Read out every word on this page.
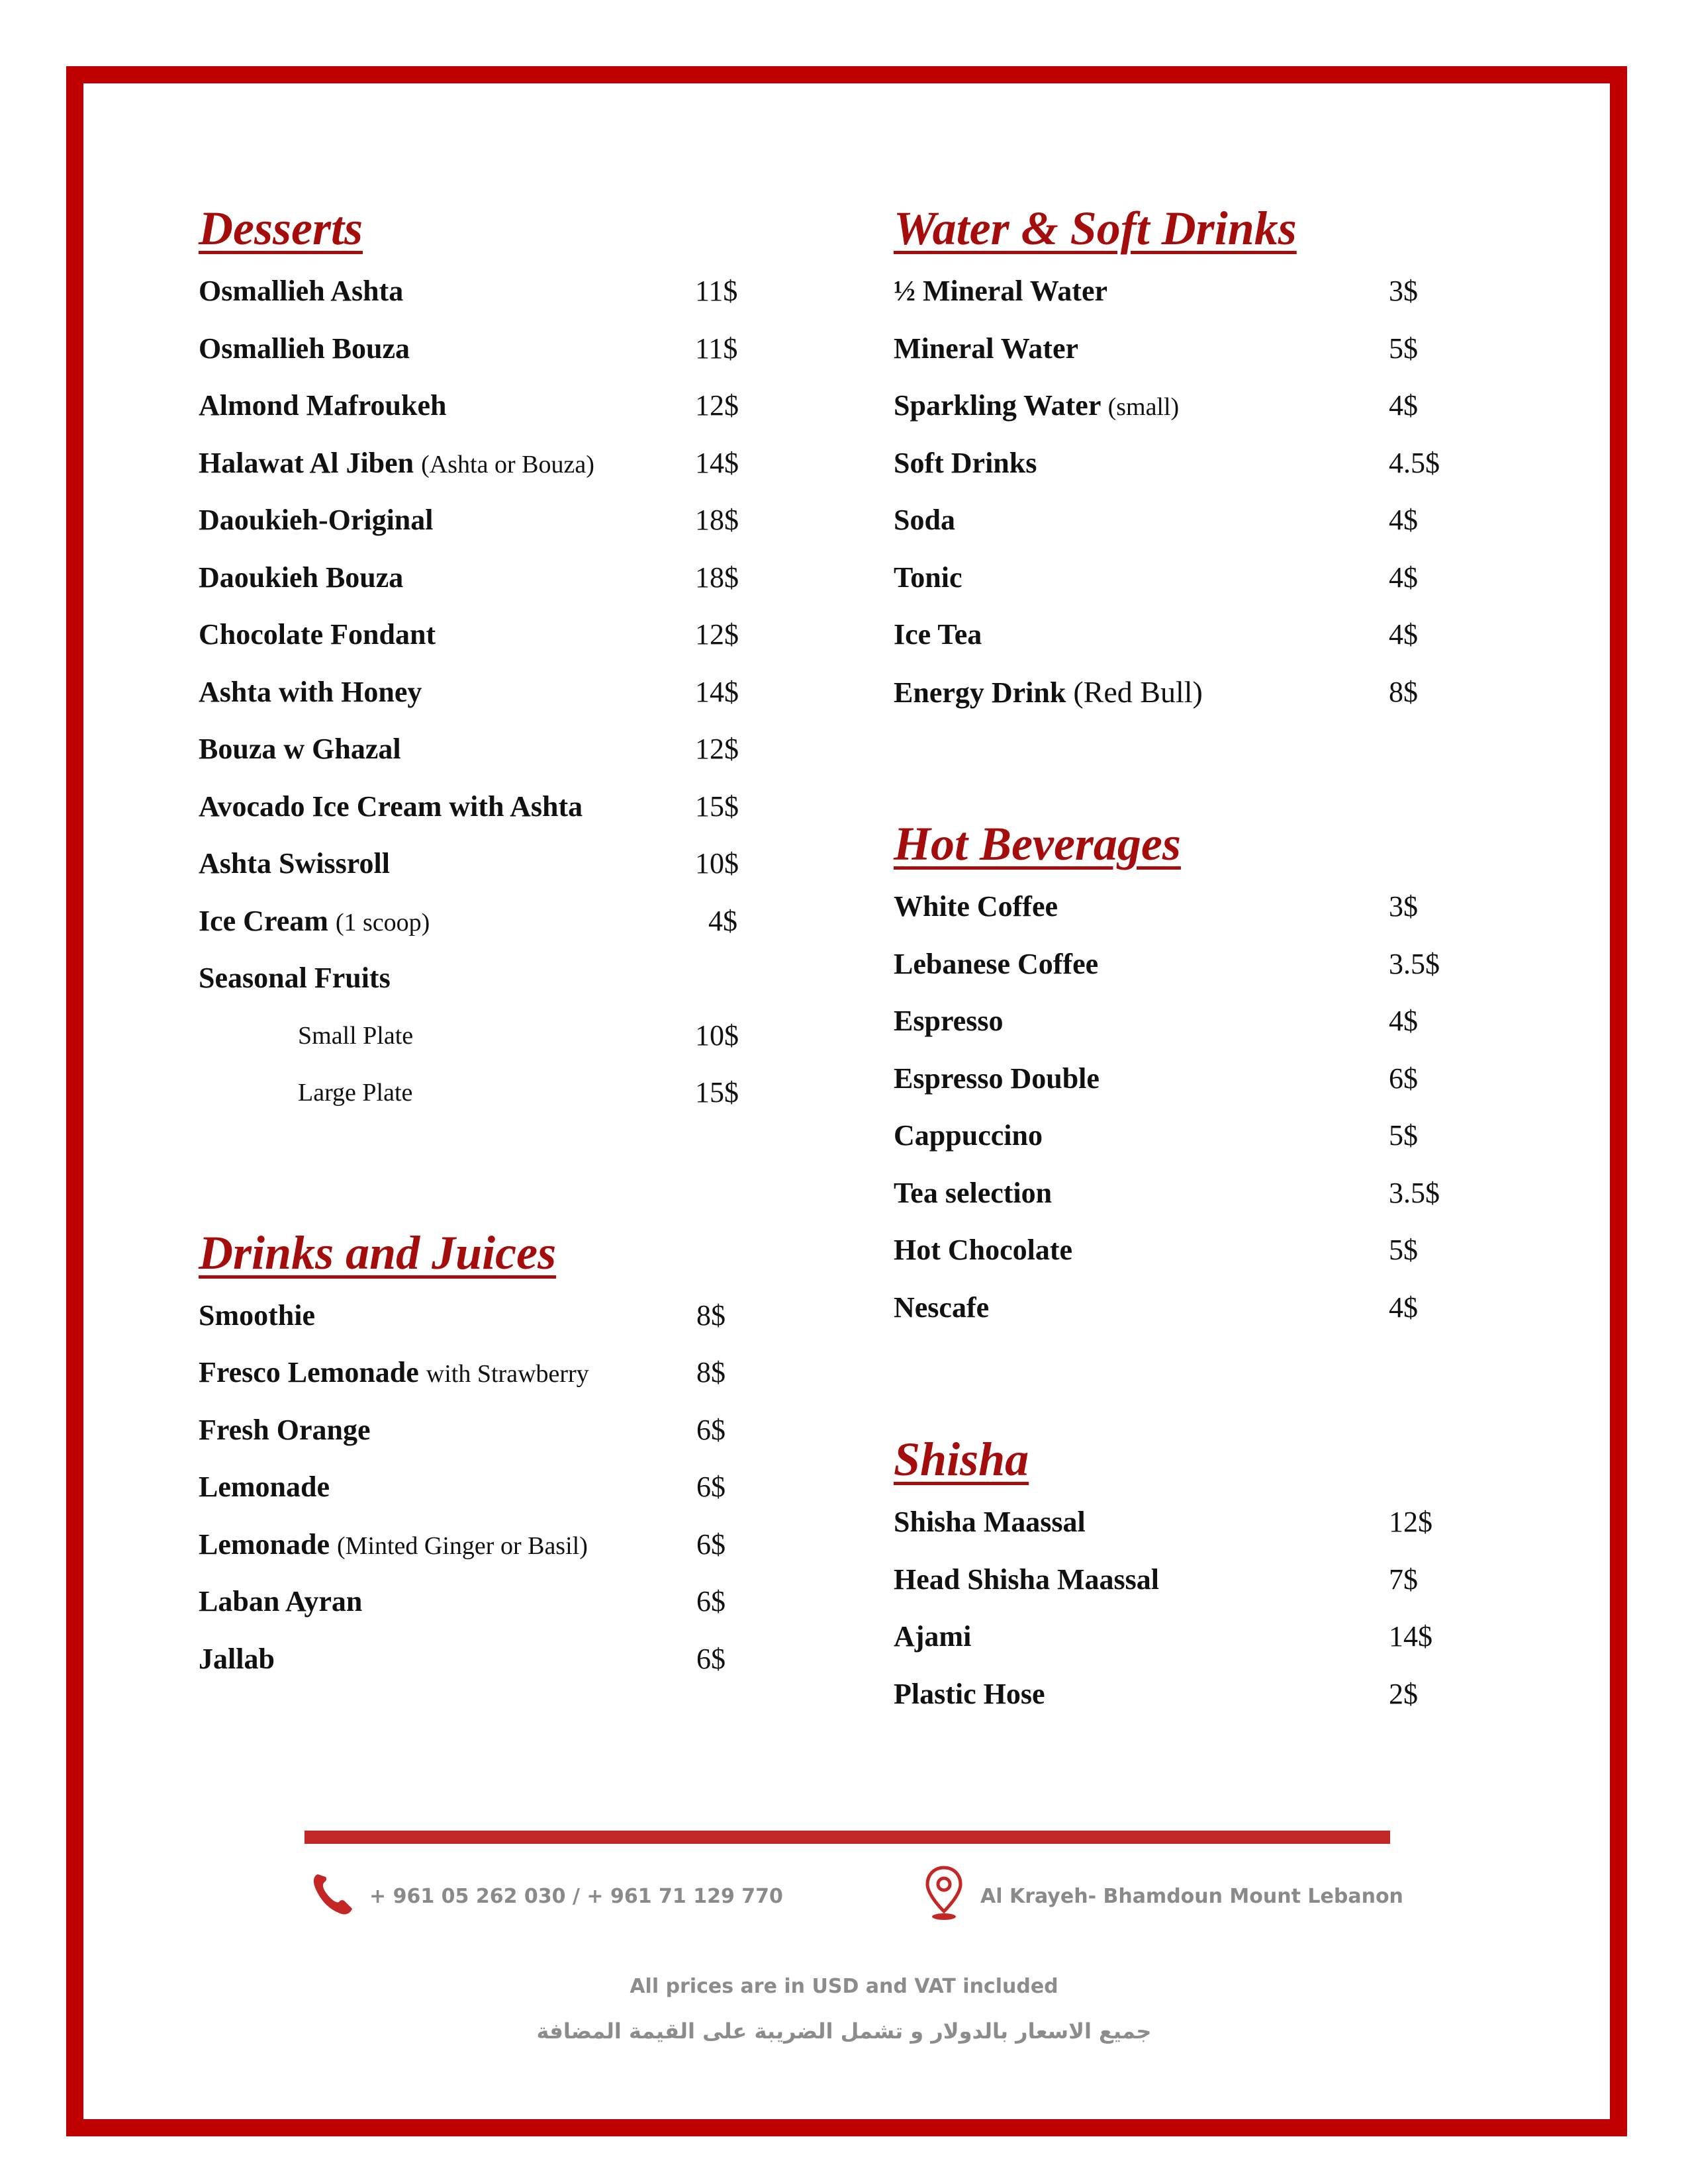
Desserts
Osmallieh Ashta	11$
Osmallieh Bouza	11$
Almond Mafroukeh	12$
Halawat Al Jiben (Ashta or Bouza)	14$
Daoukieh-Original	18$
Daoukieh Bouza	18$
Chocolate Fondant	12$
Ashta with Honey	14$
Bouza w Ghazal	12$
Avocado Ice Cream with Ashta	15$
Ashta Swissroll	10$
Ice Cream (1 scoop)	4$
Seasonal Fruits
Small Plate	10$
Large Plate	15$
Drinks and Juices
Smoothie	8$
Fresco Lemonade with Strawberry	8$
Fresh Orange	6$
Lemonade	6$
Lemonade (Minted Ginger or Basil)	6$
Laban Ayran	6$
Jallab	6$
Water & Soft Drinks
½ Mineral Water	3$
Mineral Water	5$
Sparkling Water (small)	4$
Soft Drinks	4.5$
Soda	4$
Tonic	4$
Ice Tea	4$
Energy Drink (Red Bull)	8$
Hot Beverages
White Coffee	3$
Lebanese Coffee	3.5$
Espresso	4$
Espresso Double	6$
Cappuccino	5$
Tea selection	3.5$
Hot Chocolate	5$
Nescafe	4$
Shisha
Shisha Maassal	12$
Head Shisha Maassal	7$
Ajami	14$
Plastic Hose	2$
+ 961 05 262 030 / + 961 71 129 770	Al Krayeh- Bhamdoun Mount Lebanon
All prices are in USD and VAT included
جميع الاسعار بالدولار و تشمل الضريبة على القيمة المضافة
